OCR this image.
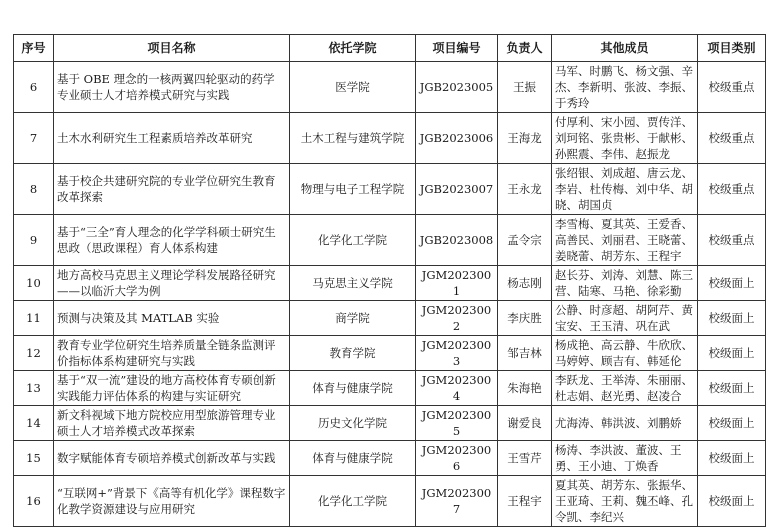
序号	项目名称	依托学院	项目编号	负责人	其他成员	项目类别
6	基于 OBE 理念的一核两翼四轮驱动的药学专业硕士人才培养模式研究与实践	医学院	JGB2023005	王振	马军、时鹏飞、杨文强、辛杰、李新明、张波、李振、于秀玲	校级重点
7	土木水利研究生工程素质培养改革研究	土木工程与建筑学院	JGB2023006	王海龙	付厚利、宋小园、贾传洋、刘珂铭、张贵彬、于献彬、孙熙震、李伟、赵振龙	校级重点
8	基于校企共建研究院的专业学位研究生教育改革探索	物理与电子工程学院	JGB2023007	王永龙	张绍银、刘成超、唐云龙、李岩、杜传梅、刘中华、胡晓、胡国贞	校级重点
9	基于“三全”育人理念的化学学科硕士研究生思政（思政课程）育人体系构建	化学化工学院	JGB2023008	孟令宗	李雪梅、夏其英、王爱香、高善民、刘丽君、王晓蕾、姜晓蕾、胡芳东、王程宇	校级重点
10	地方高校马克思主义理论学科发展路径研究——以临沂大学为例	马克思主义学院	JGM2023001	杨志刚	赵长芬、刘涛、刘慧、陈三营、陆寒、马艳、徐彩勤	校级面上
11	预测与决策及其 MATLAB 实验	商学院	JGM2023002	李庆胜	公静、时彦超、胡阿芹、黄宝安、王玉清、巩在武	校级面上
12	教育专业学位研究生培养质量全链条监测评价指标体系构建研究与实践	教育学院	JGM2023003	邹吉林	杨成艳、高云静、牛欣欣、马婷婷、顾吉有、韩延伦	校级面上
13	基于“双一流”建设的地方高校体育专硕创新实践能力评估体系的构建与实证研究	体育与健康学院	JGM2023004	朱海艳	李跃龙、王举涛、朱丽丽、杜志娟、赵光勇、赵凌合	校级面上
14	新文科视域下地方院校应用型旅游管理专业硕士人才培养模式改革探索	历史文化学院	JGM2023005	谢爱良	尤海涛、韩洪波、刘鹏娇	校级面上
15	数字赋能体育专硕培养模式创新改革与实践	体育与健康学院	JGM2023006	王雪芹	杨涛、李洪波、董波、王勇、王小迪、丁焕香	校级面上
16	“互联网+”背景下《高等有机化学》课程数字化教学资源建设与应用研究	化学化工学院	JGM2023007	王程宇	夏其英、胡芳东、张振华、王亚琦、王莉、魏丕峰、孔令凯、李纪兴	校级面上
